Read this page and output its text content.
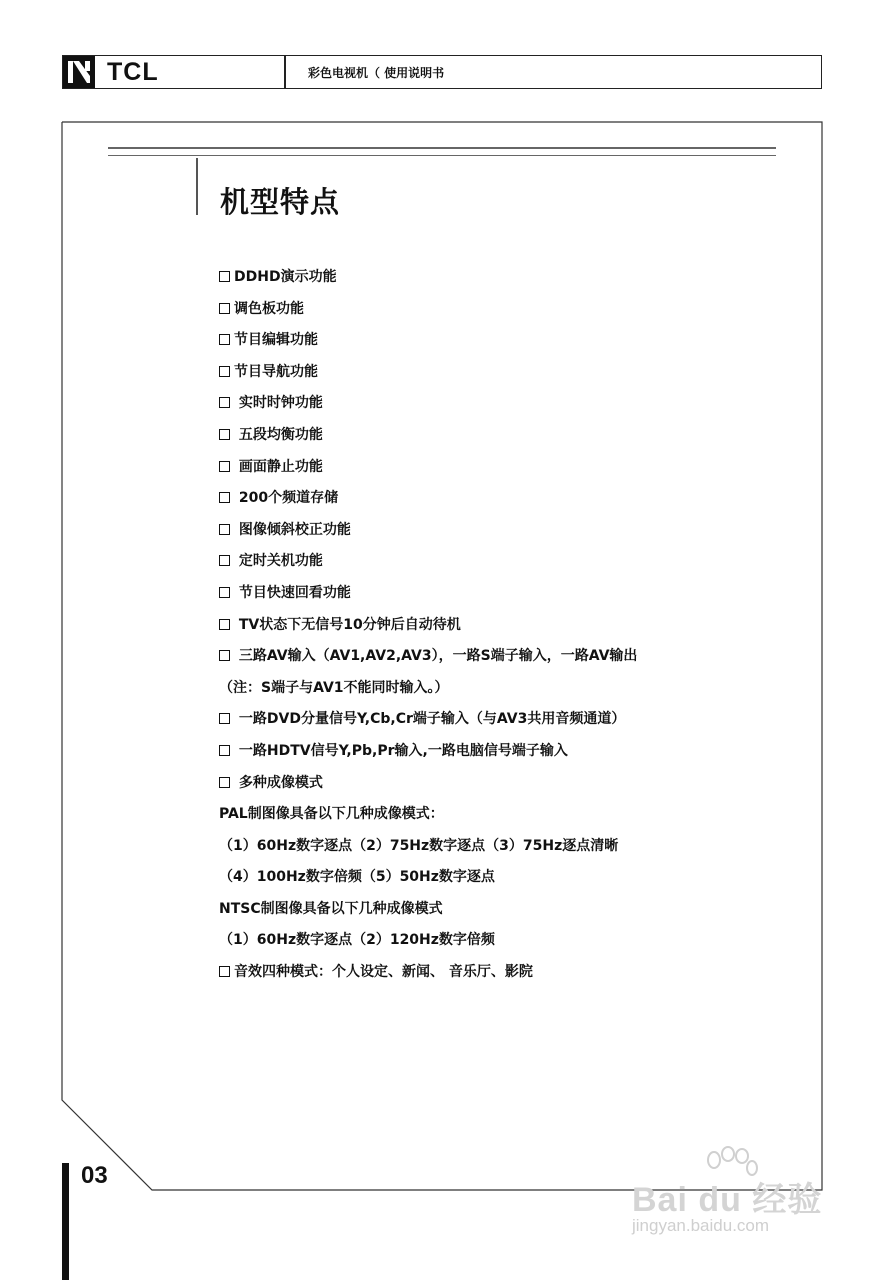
TCL	彩色电视机（ 使用说明书
机型特点
DDHD演示功能
调色板功能
节目编辑功能
节目导航功能
实时时钟功能
五段均衡功能
画面静止功能
200个频道存储
图像倾斜校正功能
定时关机功能
节目快速回看功能
TV状态下无信号10分钟后自动待机
三路AV输入（AV1,AV2,AV3），一路S端子输入，一路AV输出
（注：S端子与AV1不能同时输入。）
一路DVD分量信号Y,Cb,Cr端子输入（与AV3共用音频通道）
一路HDTV信号Y,Pb,Pr输入,一路电脑信号端子输入
多种成像模式
PAL制图像具备以下几种成像模式：
（1）60Hz数字逐点（2）75Hz数字逐点（3）75Hz逐点清晰
（4）100Hz数字倍频（5）50Hz数字逐点
NTSC制图像具备以下几种成像模式
（1）60Hz数字逐点（2）120Hz数字倍频
音效四种模式：个人设定、新闻、 音乐厅、影院
03
Bai du 经验
jingyan.baidu.com
